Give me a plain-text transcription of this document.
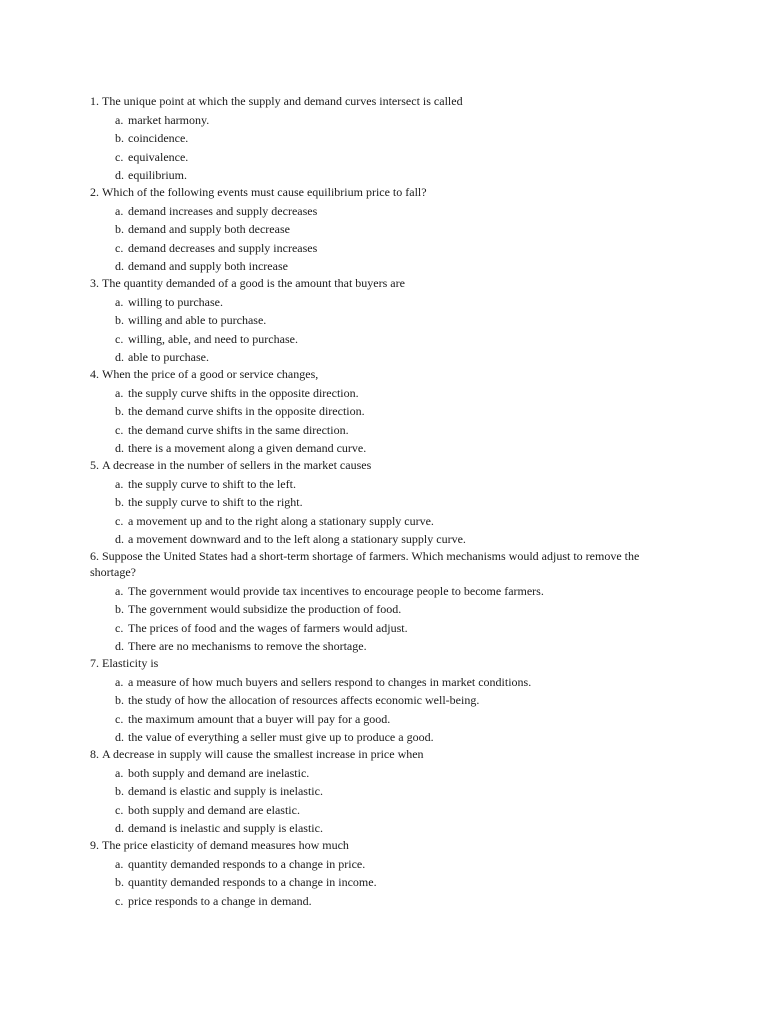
1. The unique point at which the supply and demand curves intersect is called
a. market harmony.
b. coincidence.
c. equivalence.
d. equilibrium.
2. Which of the following events must cause equilibrium price to fall?
a. demand increases and supply decreases
b. demand and supply both decrease
c. demand decreases and supply increases
d. demand and supply both increase
3. The quantity demanded of a good is the amount that buyers are
a. willing to purchase.
b. willing and able to purchase.
c. willing, able, and need to purchase.
d. able to purchase.
4. When the price of a good or service changes,
a. the supply curve shifts in the opposite direction.
b. the demand curve shifts in the opposite direction.
c. the demand curve shifts in the same direction.
d. there is a movement along a given demand curve.
5. A decrease in the number of sellers in the market causes
a. the supply curve to shift to the left.
b. the supply curve to shift to the right.
c. a movement up and to the right along a stationary supply curve.
d. a movement downward and to the left along a stationary supply curve.
6. Suppose the United States had a short-term shortage of farmers. Which mechanisms would adjust to remove the shortage?
a. The government would provide tax incentives to encourage people to become farmers.
b. The government would subsidize the production of food.
c. The prices of food and the wages of farmers would adjust.
d. There are no mechanisms to remove the shortage.
7. Elasticity is
a. a measure of how much buyers and sellers respond to changes in market conditions.
b. the study of how the allocation of resources affects economic well-being.
c. the maximum amount that a buyer will pay for a good.
d. the value of everything a seller must give up to produce a good.
8. A decrease in supply will cause the smallest increase in price when
a. both supply and demand are inelastic.
b. demand is elastic and supply is inelastic.
c. both supply and demand are elastic.
d. demand is inelastic and supply is elastic.
9. The price elasticity of demand measures how much
a. quantity demanded responds to a change in price.
b. quantity demanded responds to a change in income.
c. price responds to a change in demand.
